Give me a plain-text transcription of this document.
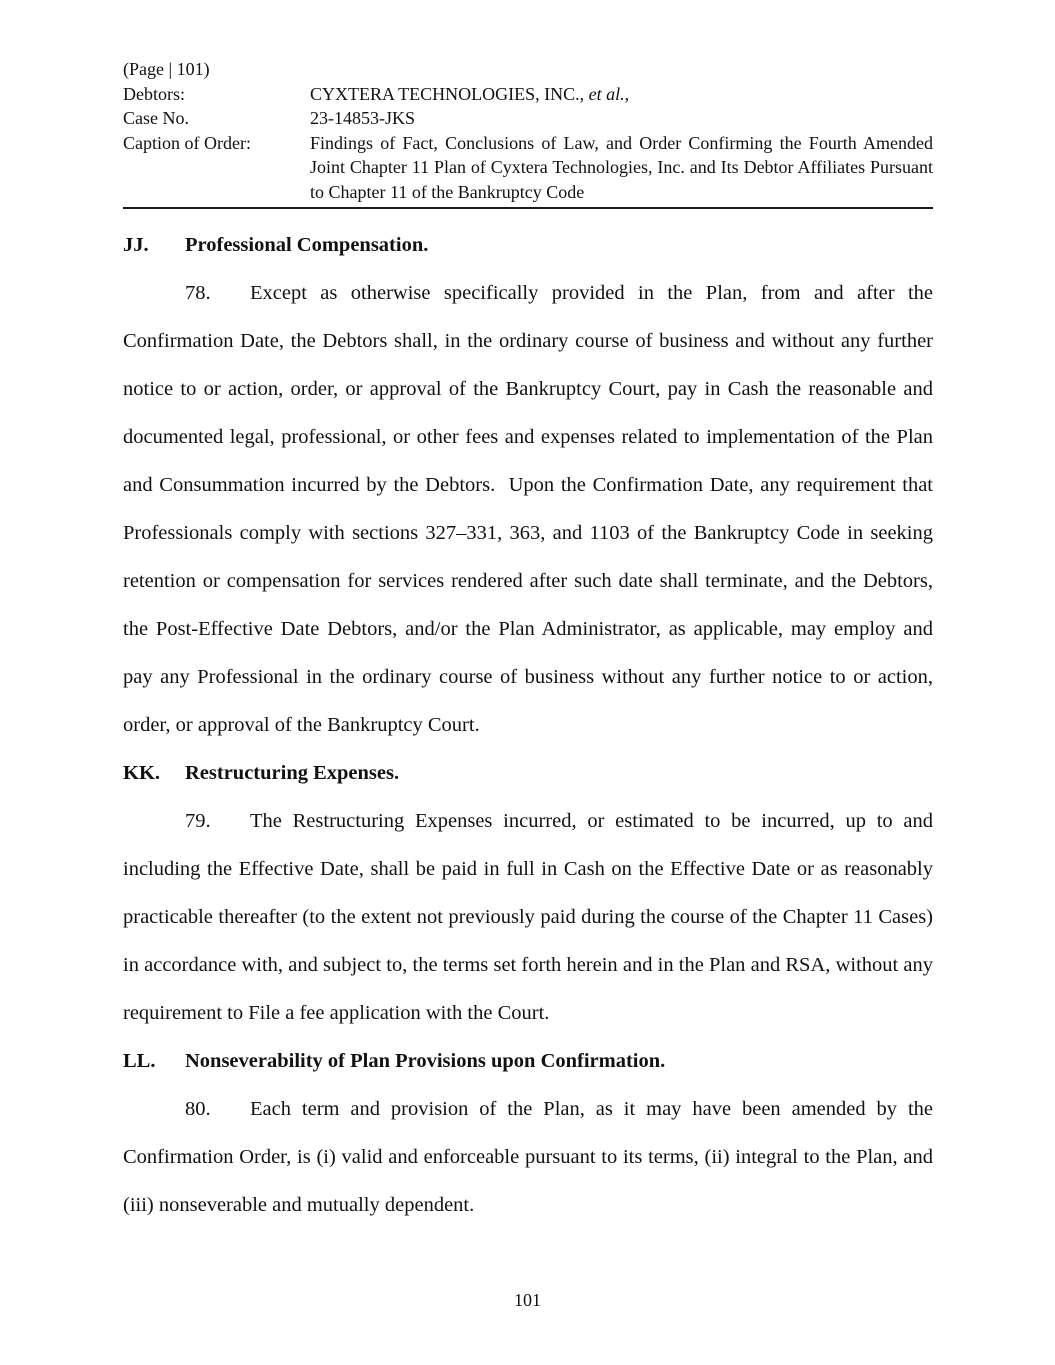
(Page | 101)
Debtors:	CYXTERA TECHNOLOGIES, INC., et al.,
Case No.	23-14853-JKS
Caption of Order:	Findings of Fact, Conclusions of Law, and Order Confirming the Fourth Amended Joint Chapter 11 Plan of Cyxtera Technologies, Inc. and Its Debtor Affiliates Pursuant to Chapter 11 of the Bankruptcy Code
JJ. Professional Compensation.
78. Except as otherwise specifically provided in the Plan, from and after the Confirmation Date, the Debtors shall, in the ordinary course of business and without any further notice to or action, order, or approval of the Bankruptcy Court, pay in Cash the reasonable and documented legal, professional, or other fees and expenses related to implementation of the Plan and Consummation incurred by the Debtors.  Upon the Confirmation Date, any requirement that Professionals comply with sections 327–331, 363, and 1103 of the Bankruptcy Code in seeking retention or compensation for services rendered after such date shall terminate, and the Debtors, the Post-Effective Date Debtors, and/or the Plan Administrator, as applicable, may employ and pay any Professional in the ordinary course of business without any further notice to or action, order, or approval of the Bankruptcy Court.
KK. Restructuring Expenses.
79. The Restructuring Expenses incurred, or estimated to be incurred, up to and including the Effective Date, shall be paid in full in Cash on the Effective Date or as reasonably practicable thereafter (to the extent not previously paid during the course of the Chapter 11 Cases) in accordance with, and subject to, the terms set forth herein and in the Plan and RSA, without any requirement to File a fee application with the Court.
LL. Nonseverability of Plan Provisions upon Confirmation.
80. Each term and provision of the Plan, as it may have been amended by the Confirmation Order, is (i) valid and enforceable pursuant to its terms, (ii) integral to the Plan, and (iii) nonseverable and mutually dependent.
101
